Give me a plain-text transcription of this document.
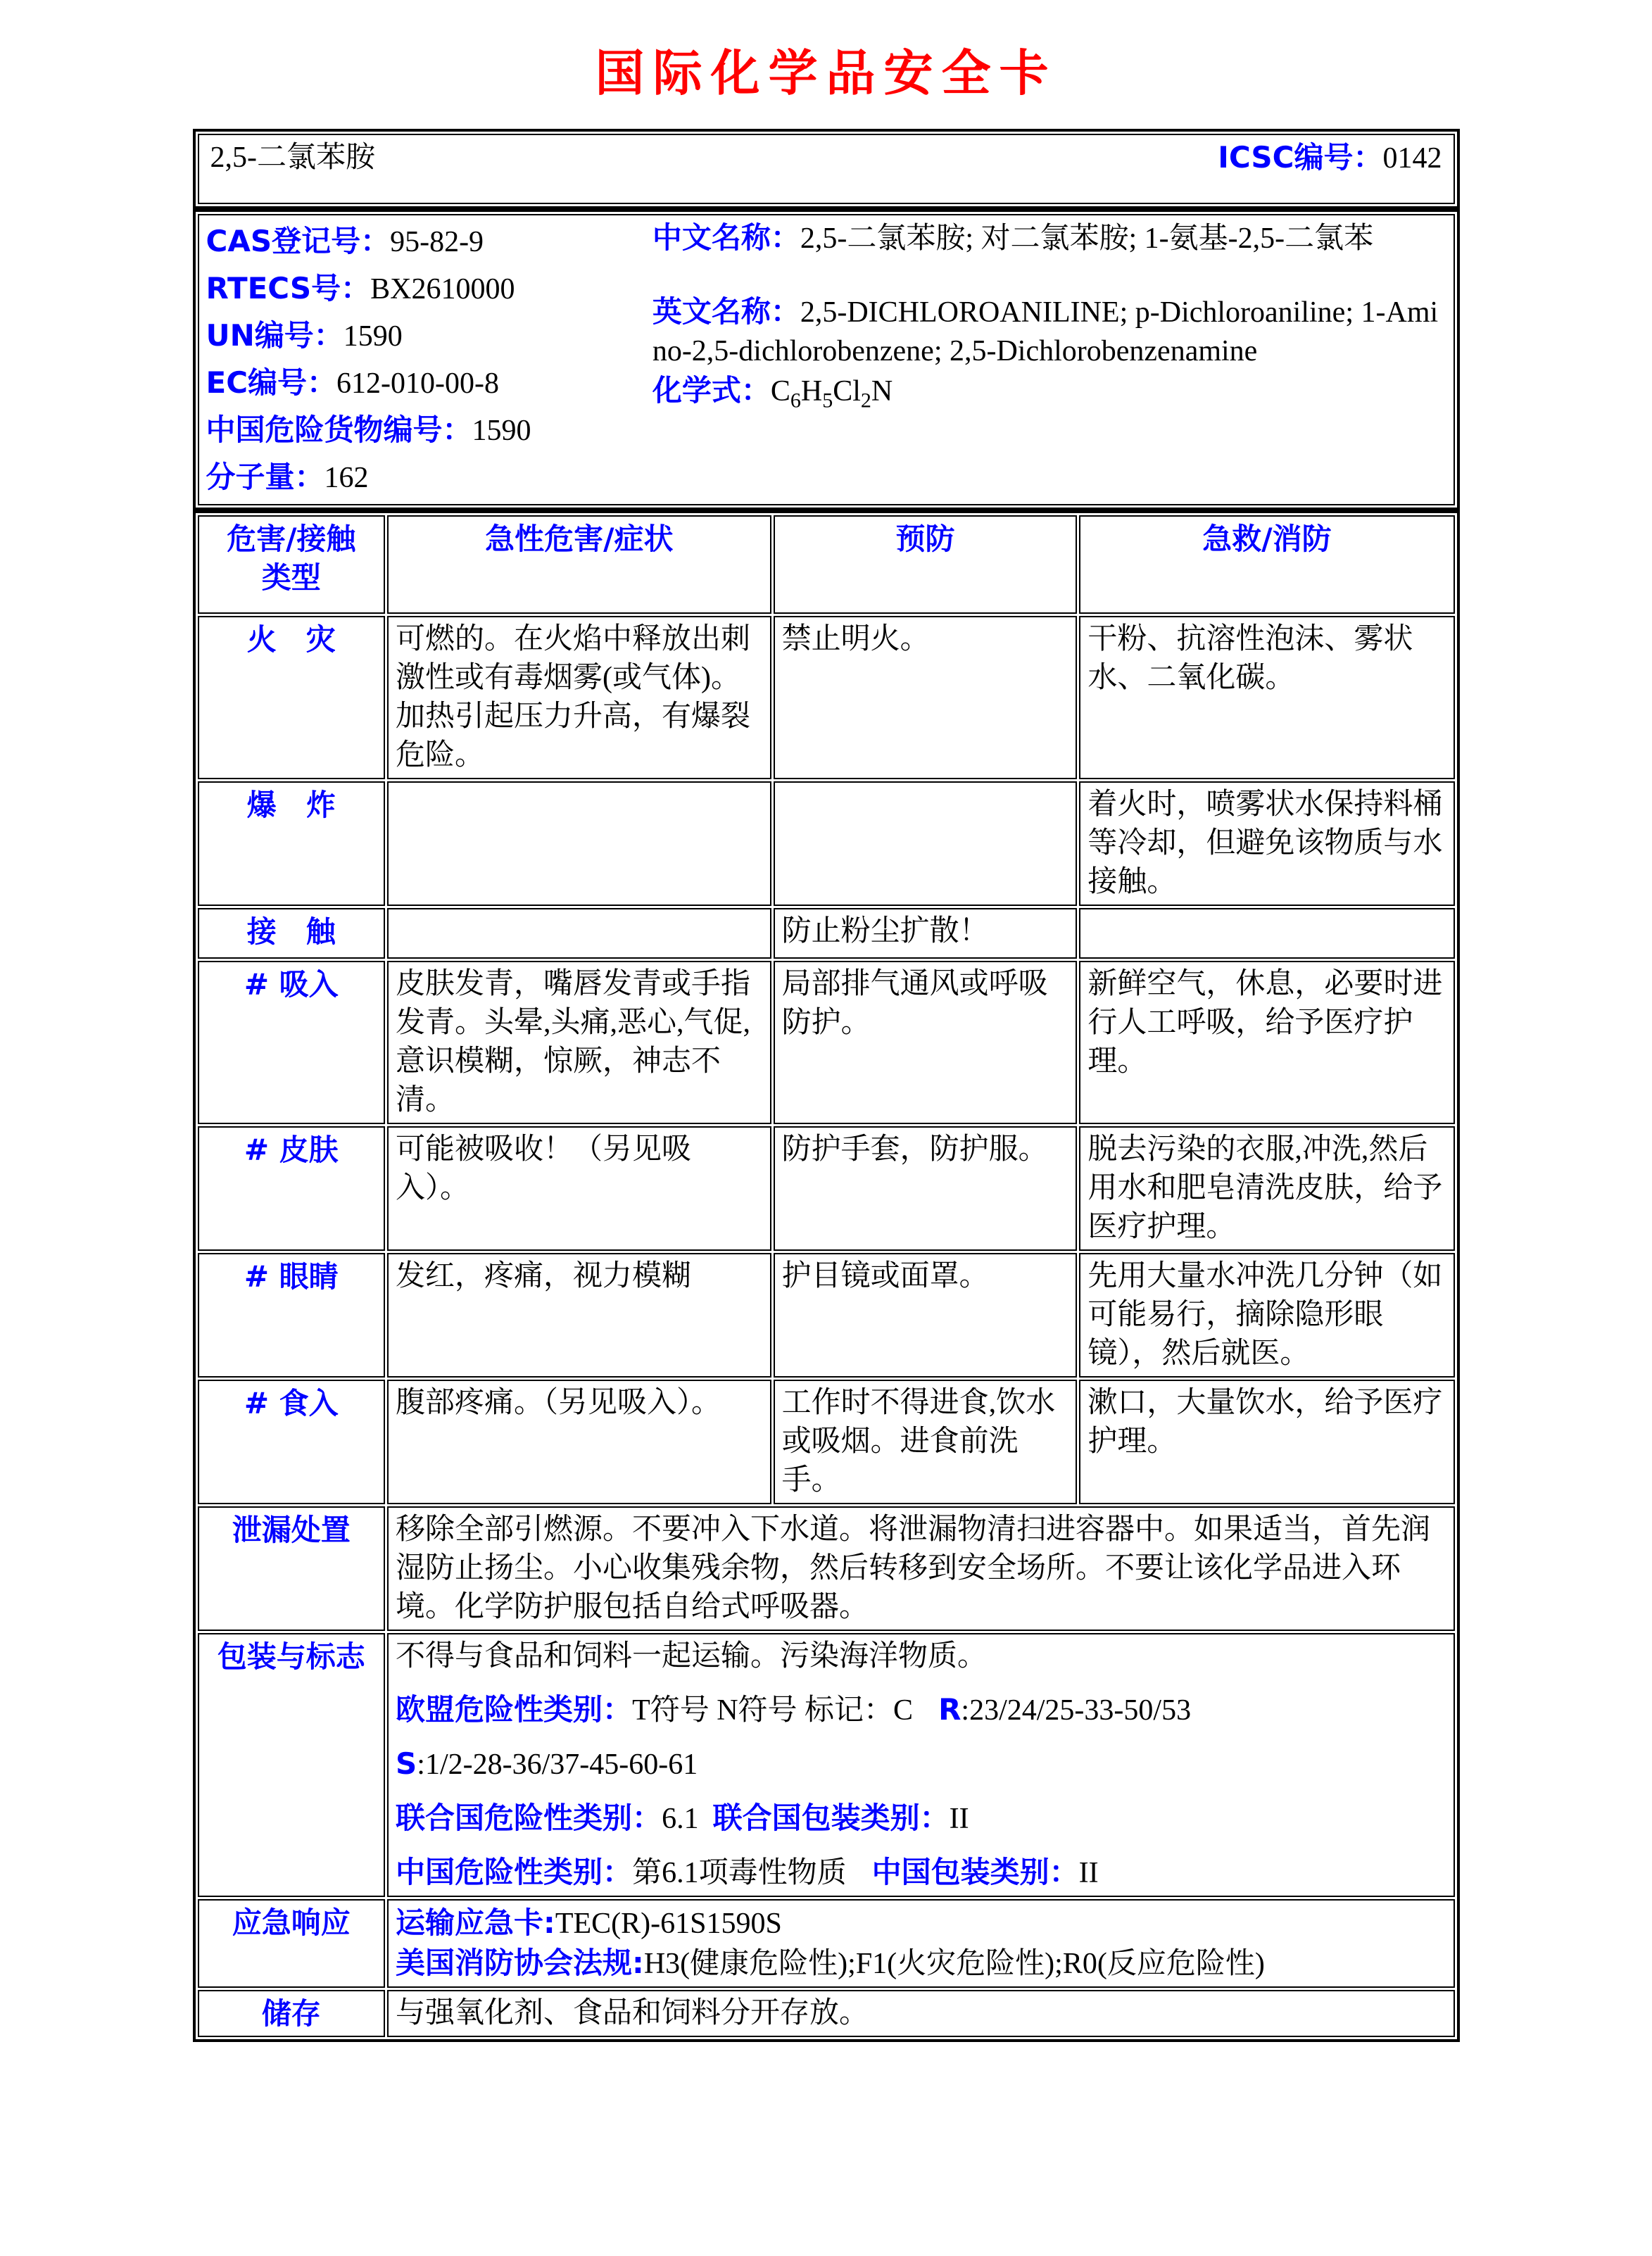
国际化学品安全卡
2,5-二氯苯胺	ICSC编号：0142
CAS登记号：95-82-9
RTECS号：BX2610000
UN编号：1590
EC编号：612-010-00-8
中国危险货物编号：1590
分子量：162

中文名称：2,5-二氯苯胺; 对二氯苯胺; 1-氨基-2,5-二氯苯

英文名称：2,5-DICHLOROANILINE; p-Dichloroaniline; 1-Amino-2,5-dichlorobenzene; 2,5-Dichlorobenzenamine

化学式：$C_6H_5Cl_2N$

危害/接触
类型	急性危害/症状	预防	急救/消防

火　灾	可燃的。在火焰中释放出刺激性或有毒烟雾(或气体)。加热引起压力升高，有爆裂危险。	禁止明火。	干粉、抗溶性泡沫、雾状水、二氧化碳。
爆　炸			着火时，喷雾状水保持料桶等冷却，但避免该物质与水接触。
接　触		防止粉尘扩散！	
# 吸入	皮肤发青，嘴唇发青或手指发青。头晕,头痛,恶心,气促,意识模糊，惊厥，神志不清。	局部排气通风或呼吸防护。	新鲜空气，休息，必要时进行人工呼吸，给予医疗护理。
# 皮肤	可能被吸收！（另见吸入）。	防护手套，防护服。	脱去污染的衣服,冲洗,然后用水和肥皂清洗皮肤，给予医疗护理。
# 眼睛	发红，疼痛，视力模糊	护目镜或面罩。	先用大量水冲洗几分钟（如可能易行，摘除隐形眼镜），然后就医。
# 食入	腹部疼痛。（另见吸入）。	工作时不得进食,饮水或吸烟。进食前洗手。	漱口，大量饮水，给予医疗护理。
泄漏处置	移除全部引燃源。不要冲入下水道。将泄漏物清扫进容器中。如果适当，首先润湿防止扬尘。小心收集残余物，然后转移到安全场所。不要让该化学品进入环境。化学防护服包括自给式呼吸器。		
包装与标志	不得与食品和饲料一起运输。污染海洋物质。

欧盟危险性类别：T符号 N符号 标记：C R:23/24/25-33-50/53

S:1/2-28-36/37-45-60-61

联合国危险性类别：6.1 联合国包装类别：II

中国危险性类别：第6.1项毒性物质 中国包装类别：II		

应急响应	运输应急卡:TEC(R)-61S1590S

美国消防协会法规:H3(健康危险性);F1(火灾危险性);R0(反应危险性)		

储存	与强氧化剂、食品和饲料分开存放。		
